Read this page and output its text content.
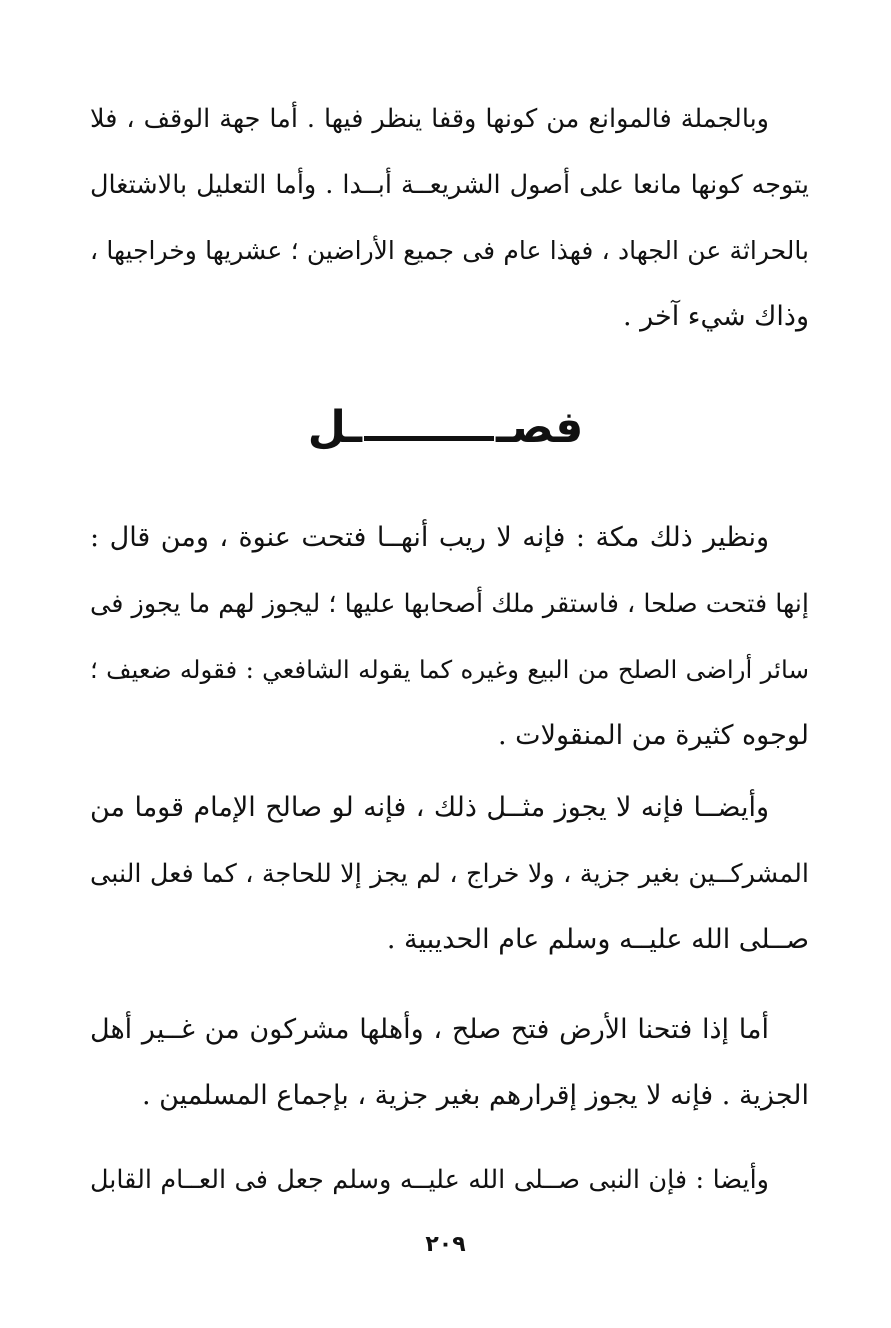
وبالجملة فالموانع من كونها وقفا ينظر فيها . أما جهة الوقف ، فلا
يتوجه كونها مانعا على أصول الشريعــة أبــدا . وأما التعليل بالاشتغال
بالحراثة عن الجهاد ، فهذا عام فى جميع الأراضين ؛ عشريها وخراجيها ،
وذاك شيء آخر .

فصــل

ونظير ذلك مكة : فإنه لا ريب أنهــا فتحت عنوة ، ومن قال :
إنها فتحت صلحا ، فاستقر ملك أصحابها عليها ؛ ليجوز لهم ما يجوز فى
سائر أراضى الصلح من البيع وغيره كما يقوله الشافعي : فقوله ضعيف ؛
لوجوه كثيرة من المنقولات .

وأيضــا فإنه لا يجوز مثــل ذلك ، فإنه لو صالح الإمام قوما من
المشركــين بغير جزية ، ولا خراج ، لم يجز إلا للحاجة ، كما فعل النبى
صــلى الله عليــه وسلم عام الحديبية .

أما إذا فتحنا الأرض فتح صلح ، وأهلها مشركون من غــير أهل
الجزية . فإنه لا يجوز إقرارهم بغير جزية ، بإجماع المسلمين .

وأيضا : فإن النبى صــلى الله عليــه وسلم جعل فى العــام القابل

٢٠٩
